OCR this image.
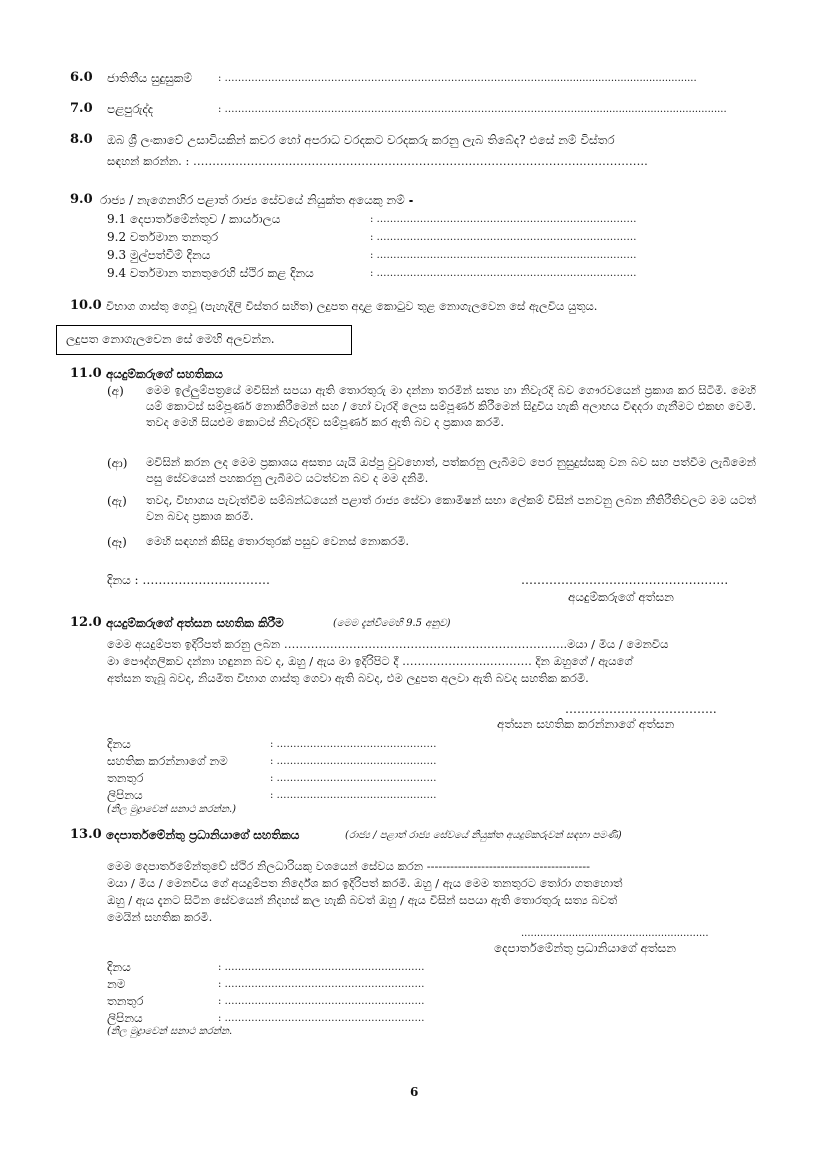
6.0 ජාතිතීය සුදුසුකම්	: ……………………..………………………………………..……………………...............................................
7.0 පළපුරුද්ද	: ………………………..………………………………………………..…………………...............................................
8.0 ඔබ ශ්‍රී ලංකාවේ උසාවියකින් කවර හෝ අපරාධ වරදකට වරදකරු කරනු ලැබ තිබේද? එසේ නම් විස්තර
සඳහන් කරන්න. : ……………………..………………………………………..………………………..……………..
9.0 රාජ්‍ය / නැගෙනහිර පළාත් රාජ්‍ය සේවයේ නියුක්ත අයෙකු නම් ⁃
9.1 දෙපාර්තමේන්තුව / කාර්යාලය	: ……………………………………………………………………
9.2 වර්තමාන තනතුර	: ……………………………………………………………………
9.3 මුල්පත්වීම් දිනය	: ……………………………………………………………………
9.4 වර්තමාන තනතුරෙහි ස්ථිර කළ දිනය	: ……………………………………………………………………
10.0 විභාග ගාස්තු ගෙවූ (පැහැදිලි විස්තර සහිත) ලදුපත අදාළ කොටුව තුළ නොගැලවෙන සේ ඇලවිය යුතුය.
ලදුපත නොගැලවෙන සේ මෙහි අලවන්න.
11.0 අයදුම්කරුගේ සහතිකය
(අ) මෙම ඉල්ලුම්පත්‍රයේ මවිසින් සපයා ඇති තොරතුරු මා දන්නා තරමින් සත්‍ය හා නිවැරදි බව ගෞරවයෙන් ප්‍රකාශ කර සිටිමි. මෙහි යම් කොටස් සම්පූර්ණ නොකිරීමෙන් සහ / හෝ වැරදි ලෙස සම්පූර්ණ කිරීමෙන් සිදුවිය හැකි අලාභය විඳදරා ගැනීමට එකඟ වෙමි. තවද මෙහි සියළුම කොටස් නිවැරදිව සම්පූර්ණ කර ඇති බව ද ප්‍රකාශ කරමි.
(ආ) මවිසින් කරන ලද මෙම ප්‍රකාශය අසත්‍ය යැයි ඔප්පු වුවහොත්, පත්කරනු ලැබීමට පෙර නුසුදුස්සකු වන බව සහ පත්වීම ලැබීමෙන් පසු සේවයෙන් පහකරනු ලැබීමට යටත්වන බව ද මම දනිමි.
(ඇ) තවද, විභාගය පැවැත්වීම සම්බන්ධයෙන් පළාත් රාජ්‍ය සේවා කොමිෂන් සභා ලේකම් විසින් පනවනු ලබන නීතිරීතිවලට මම යටත් වන බවද ප්‍රකාශ කරමි.
(ඈ) මෙහි සඳහන් කිසිදු තොරතුරක් පසුව වෙනස් නොකරමි.
දිනය : …………………..………	……………………..………………..……
අයදුම්කරුගේ අත්සන
12.0 අයදුම්කරුගේ අත්සන සහතික කිරීම	(මෙම දැන්වීමෙහි 9.5 අනුව)
මෙම අයදුම්පත ඉදිරිපත් කරනු ලබන ………………………………………………………………..මයා / මිය / මෙනවිය
මා පෞද්ගලිකව දන්නා හඳුනන බව ද, ඔහු / ඇය මා ඉදිරිපිට දී …………………..……….. දින ඔහුගේ / ඇයගේ
අත්සන තැබූ බවද, නියමිත විභාග ගාස්තු ගෙවා ඇති බවද, එම ලදුපත අලවා ඇති බවද සහතික කරමි.
………………………………..
අත්සන සහතික කරන්නාගේ අත්සන
දිනය	: …………………………………………
සහතික කරන්නාගේ නම	: …………………………………………
තනතුර	: …………………………………………
ලිපිනය	: …………………………………………
(නිල මුද්‍රාවෙන් සනාථ කරන්න.)
13.0 දෙපාර්තමේන්තු ප්‍රධානියාගේ සහතිකය	(රාජ්‍ය / පළාත් රාජ්‍ය සේවයේ නියුක්ත අයදුම්කරුවන් සඳහා පමණි)
මෙම දෙපාර්තමේන්තුවේ ස්ථිර නිලධාරියකු වශයෙන් සේවය කරන ------------------------------------------
මයා / මිය / මෙනවිය ගේ අයදුම්පත නිර්දේශ කර ඉදිරිපත් කරමි. ඔහු / ඇය මෙම තනතුරට තෝරා ගතහොත්
ඔහු / ඇය දැනට සිටින සේවයෙන් නිදහස් කල හැකි බවත් ඔහු / ඇය විසින් සපයා ඇති තොරතුරු සත්‍ය බවත්
මෙයින් සහතික කරමි.
...........................................................
දෙපාර්තමේන්තු ප්‍රධානියාගේ අත්සන
දිනය	: ……………………………………………………
නම	: ……………………………………………………
තනතුර	: ……………………………………………………
ලිපිනය	: ……………………………………………………
(නිල මුද්‍රාවෙන් සනාථ කරන්න.
6
